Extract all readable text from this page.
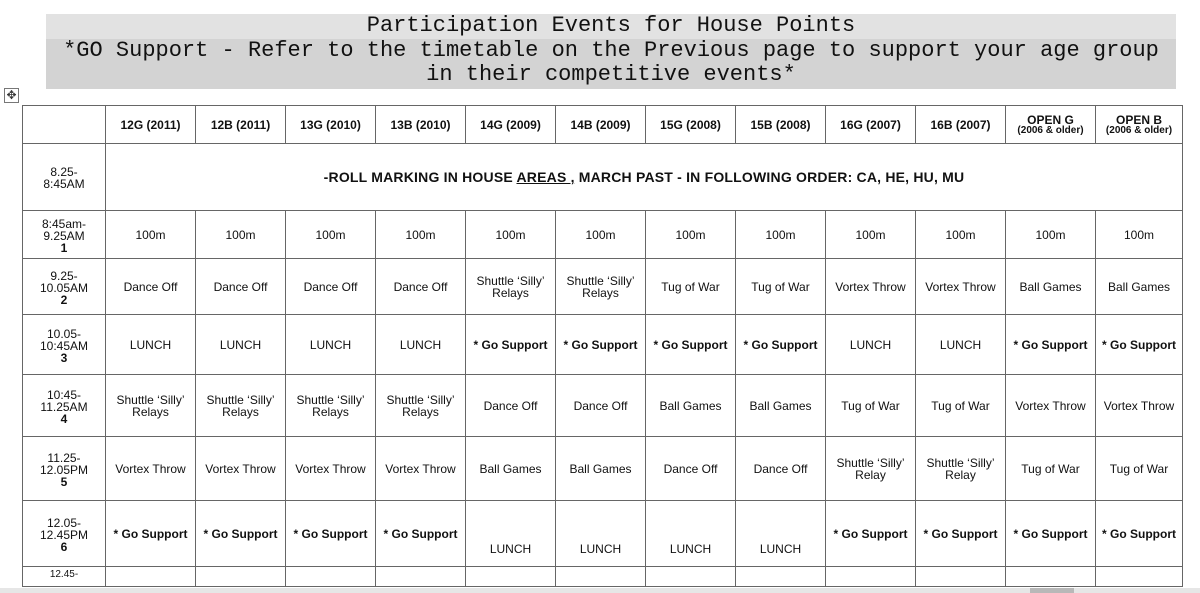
Participation Events for House Points
*GO Support - Refer to the timetable on the Previous page to support your age group
in their competitive events*
✥
	12G (2011)	12B (2011)	13G (2010)	13B (2010)	14G (2009)	14B (2009)	15G (2008)	15B (2008)	16G (2007)	16B (2007)	OPEN G
(2006 & older)	OPEN B
(2006 & older)

8.25-
8:45AM	-ROLL MARKING IN HOUSE AREAS , MARCH PAST - IN FOLLOWING ORDER: CA, HE, HU, MU											
8:45am-
9.25AM
1	100m	100m	100m	100m	100m	100m	100m	100m	100m	100m	100m	100m
9.25-
10.05AM
2	Dance Off	Dance Off	Dance Off	Dance Off	Shuttle ‘Silly’
Relays	Shuttle ‘Silly’
Relays	Tug of War	Tug of War	Vortex Throw	Vortex Throw	Ball Games	Ball Games
10.05-
10:45AM
3	LUNCH	LUNCH	LUNCH	LUNCH	* Go Support	* Go Support	* Go Support	* Go Support	LUNCH	LUNCH	* Go Support	* Go Support
10:45-
11.25AM
4	Shuttle ‘Silly’
Relays	Shuttle ‘Silly’
Relays	Shuttle ‘Silly’
Relays	Shuttle ‘Silly’
Relays	Dance Off	Dance Off	Ball Games	Ball Games	Tug of War	Tug of War	Vortex Throw	Vortex Throw
11.25-
12.05PM
5	Vortex Throw	Vortex Throw	Vortex Throw	Vortex Throw	Ball Games	Ball Games	Dance Off	Dance Off	Shuttle ‘Silly’
Relay	Shuttle ‘Silly’
Relay	Tug of War	Tug of War
12.05-
12.45PM
6	* Go Support	* Go Support	* Go Support	* Go Support	LUNCH	LUNCH	LUNCH	LUNCH	* Go Support	* Go Support	* Go Support	* Go Support
12.45-												
